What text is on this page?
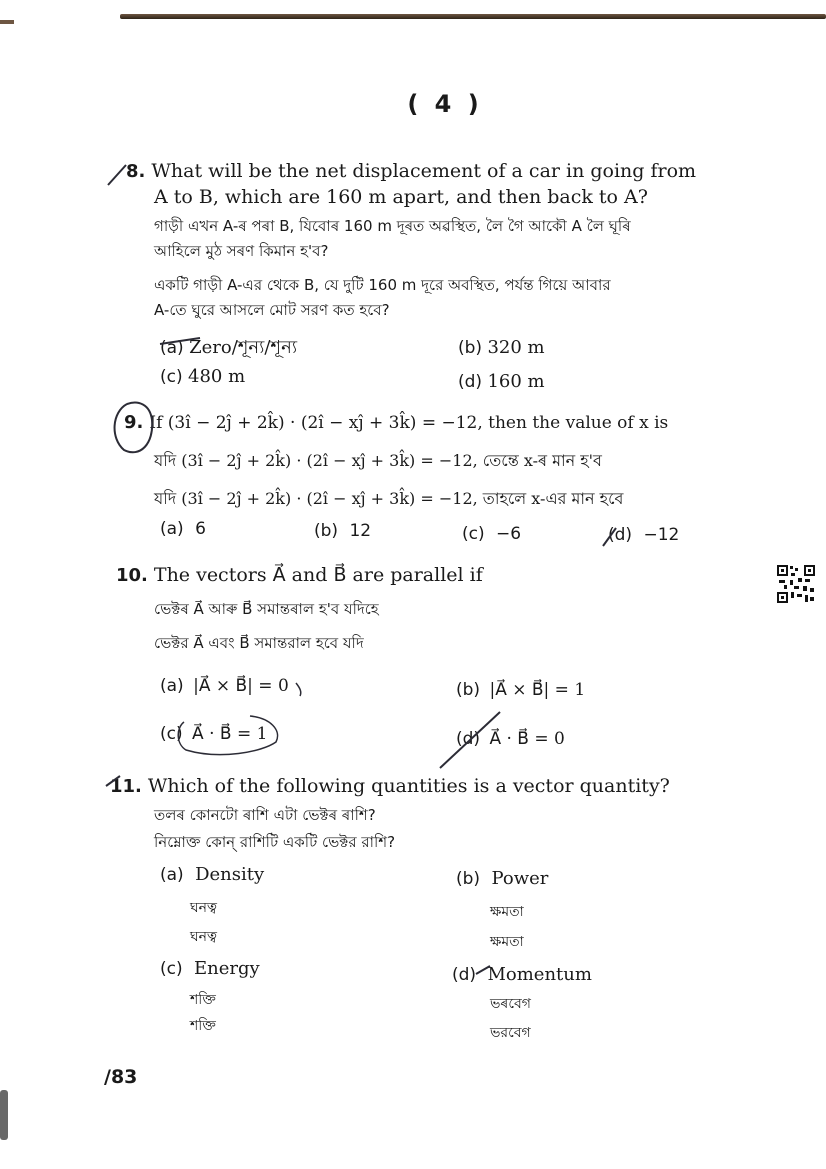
( 4 )
8. What will be the net displacement of a car in going from
A to B, which are 160 m apart, and then back to A?
গাড়ী এখন A-ৰ পৰা B, যিবোৰ 160 m দূৰত অৱস্থিত, লৈ গৈ আকৌ A লৈ ঘূৰি
আহিলে মুঠ সৰণ কিমান হ'ব?
একটি গাড়ী A-এর থেকে B, যে দুটি 160 m দূরে অবস্থিত, পর্যন্ত গিয়ে আবার
A-তে ঘুরে আসলে মোট সরণ কত হবে?
(a) Zero/শূন্য/শূন্য	(b) 320 m
(c) 480 m	(d) 160 m
9. If (3î − 2ĵ + 2k̂) · (2î − xĵ + 3k̂) = −12, then the value of x is
যদি (3î − 2ĵ + 2k̂) · (2î − xĵ + 3k̂) = −12, তেন্তে x-ৰ মান হ'ব
যদি (3î − 2ĵ + 2k̂) · (2î − xĵ + 3k̂) = −12, তাহলে x-এর মান হবে
(a) 6	(b) 12	(c) −6	(d) −12
10. The vectors A⃗ and B⃗ are parallel if
ভেক্টৰ A⃗ আৰু B⃗ সমান্তৰাল হ'ব যদিহে
ভেক্টর A⃗ এবং B⃗ সমান্তরাল হবে যদি
(a) |A⃗ × B⃗| = 0	(b) |A⃗ × B⃗| = 1
(c) A⃗ · B⃗ = 1	(d) A⃗ · B⃗ = 0
11. Which of the following quantities is a vector quantity?
তলৰ কোনটো ৰাশি এটা ভেক্টৰ ৰাশি?
নিম্নোক্ত কোন্ রাশিটি একটি ভেক্টর রাশি?
(a) Density
ঘনত্ব
ঘনত্ব
(b) Power
ক্ষমতা
ক্ষমতা
(c) Energy
শক্তি
শক্তি
(d) Momentum
ভৰবেগ
ভরবেগ
/83
